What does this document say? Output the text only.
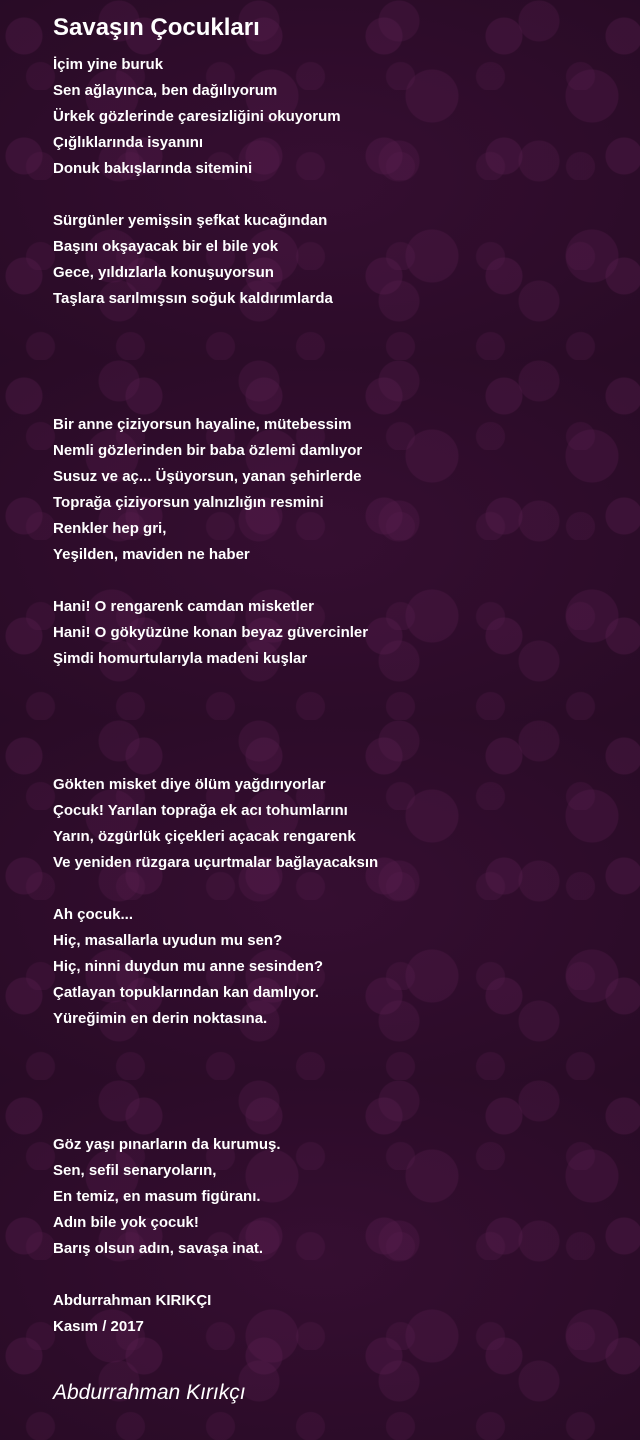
Savaşın Çocukları
İçim yine buruk
Sen ağlayınca, ben dağılıyorum
Ürkek gözlerinde çaresizliğini okuyorum
Çığlıklarında isyanını
Donuk bakışlarında sitemini
Sürgünler yemişsin şefkat kucağından
Başını okşayacak bir el bile yok
Gece, yıldızlarla konuşuyorsun
Taşlara sarılmışsın soğuk kaldırımlarda
Bir anne çiziyorsun hayaline, mütebessim
Nemli gözlerinden bir baba özlemi damlıyor
Susuz ve aç... Üşüyorsun, yanan şehirlerde
Toprağa çiziyorsun yalnızlığın resmini
Renkler hep gri,
Yeşilden, maviden ne haber
Hani! O rengarenk camdan misketler
Hani! O gökyüzüne konan beyaz güvercinler
Şimdi homurtularıyla madeni kuşlar
Gökten misket diye ölüm yağdırıyorlar
Çocuk! Yarılan toprağa ek acı tohumlarını
Yarın, özgürlük çiçekleri açacak rengarenk
Ve yeniden rüzgara uçurtmalar bağlayacaksın
Ah çocuk...
Hiç, masallarla uyudun mu sen?
Hiç, ninni duydun mu anne sesinden?
Çatlayan topuklarından kan damlıyor.
Yüreğimin en derin noktasına.
Göz yaşı pınarların da kurumuş.
Sen, sefil senaryoların,
En temiz, en masum figüranı.
Adın bile yok çocuk!
Barış olsun adın, savaşa inat.
Abdurrahman KIRIKÇI
Kasım / 2017
Abdurrahman Kırıkçı
